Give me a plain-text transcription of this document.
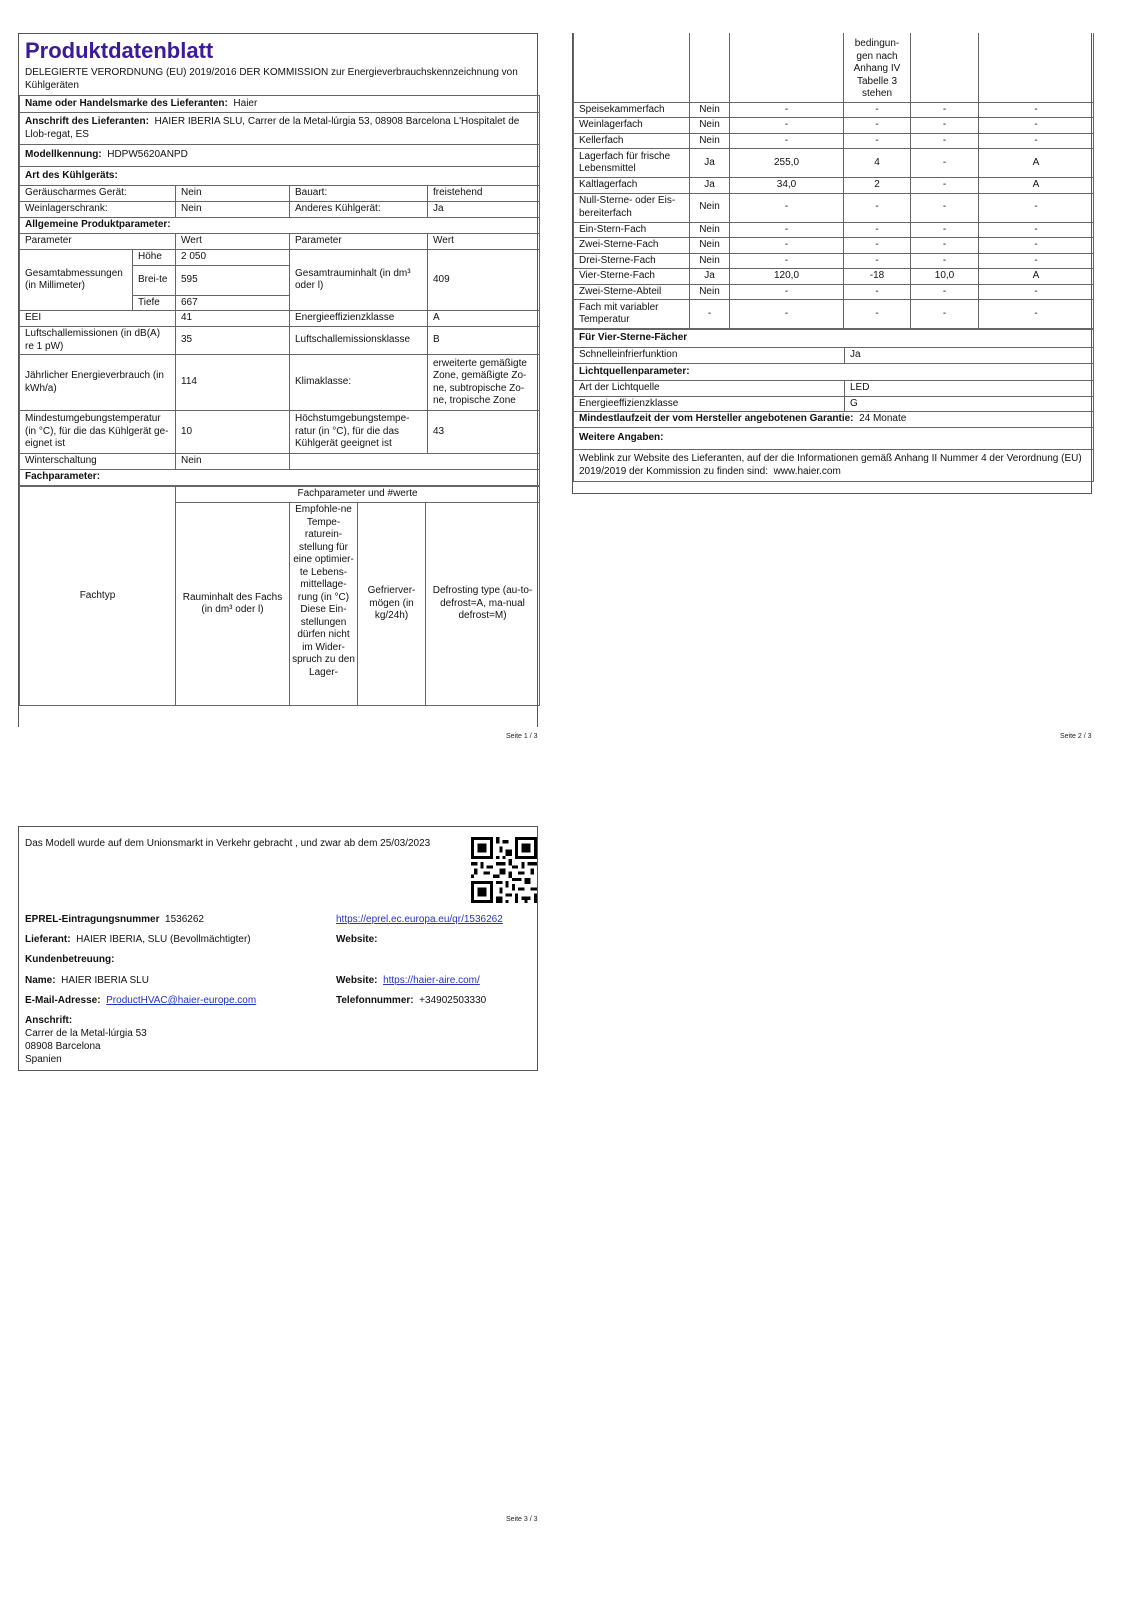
Produktdatenblatt
DELEGIERTE VERORDNUNG (EU) 2019/2016 DER KOMMISSION zur Energieverbrauchskennzeichnung von Kühlgeräten
Name oder Handelsmarke des Lieferanten: Haier				
Anschrift des Lieferanten: HAIER IBERIA SLU, Carrer de la Metal-lúrgia 53, 08908 Barcelona L'Hospitalet de Llob-regat, ES				
Modellkennung: HDPW5620ANPD				
Art des Kühlgeräts:				
Geräuscharmes Gerät:		Nein	Bauart:	freistehend
Weinlagerschrank:		Nein	Anderes Kühlgerät:	Ja
Allgemeine Produktparameter:				
Parameter		Wert	Parameter	Wert
Gesamtabmessungen (in Millimeter)	Höhe	2 050	Gesamtrauminhalt (in dm³ oder l)	409
	Brei-te	595		
	Tiefe	667		
EEI		41	Energieeffizienzklasse	A
Luftschallemissionen (in dB(A) re 1 pW)		35	Luftschallemissionsklasse	B
Jährlicher Energieverbrauch (in kWh/a)		114	Klimaklasse:	erweiterte gemäßigte Zone, gemäßigte Zo-ne, subtropische Zo-ne, tropische Zone
Mindestumgebungstemperatur (in °C), für die das Kühlgerät ge-eignet ist		10	Höchstumgebungstempe-ratur (in °C), für die das Kühlgerät geeignet ist	43
Winterschaltung		Nein		
Fachparameter:				
Fachtyp	Fachparameter und #werte			
	Rauminhalt des Fachs (in dm³ oder l)	Empfohle-ne Tempe-raturein-stellung für eine optimier-te Lebens-mittellage-rung (in °C) Diese Ein-stellungen dürfen nicht im Wider-spruch zu den Lager-	Gefrierver-mögen (in kg/24h)	Defrosting type (au-to-defrost=A, ma-nual defrost=M)
Seite 1 / 3
			bedingun-gen nach Anhang IV Tabelle 3 stehen		
Speisekammerfach	Nein	-	-	-	-
Weinlagerfach	Nein	-	-	-	-
Kellerfach	Nein	-	-	-	-
Lagerfach für frische Lebensmittel	Ja	255,0	4	-	A
Kaltlagerfach	Ja	34,0	2	-	A
Null-Sterne- oder Eis-bereiterfach	Nein	-	-	-	-
Ein-Stern-Fach	Nein	-	-	-	-
Zwei-Sterne-Fach	Nein	-	-	-	-
Drei-Sterne-Fach	Nein	-	-	-	-
Vier-Sterne-Fach	Ja	120,0	-18	10,0	A
Zwei-Sterne-Abteil	Nein	-	-	-	-
Fach mit variabler Temperatur	-	-	-	-	-
Für Vier-Sterne-Fächer	
Schnelleinfrierfunktion	Ja
Lichtquellenparameter:	
Art der Lichtquelle	LED
Energieeffizienzklasse	G
Mindestlaufzeit der vom Hersteller angebotenen Garantie: 24 Monate	
Weitere Angaben:	
Weblink zur Website des Lieferanten, auf der die Informationen gemäß Anhang II Nummer 4 der Verordnung (EU) 2019/2019 der Kommission zu finden sind: www.haier.com	
Seite 2 / 3
Das Modell wurde auf dem Unionsmarkt in Verkehr gebracht , und zwar ab dem 25/03/2023
EPREL-Eintragungsnummer 1536262	https://eprel.ec.europa.eu/qr/1536262
Lieferant: HAIER IBERIA, SLU (Bevollmächtigter)	Website:
Kundenbetreuung:
Name: HAIER IBERIA SLU	Website: https://haier-aire.com/
E-Mail-Adresse: ProductHVAC@haier-europe.com	Telefonnummer: +34902503330
Anschrift:
Carrer de la Metal-lúrgia 53
08908 Barcelona
Spanien
Seite 3 / 3
